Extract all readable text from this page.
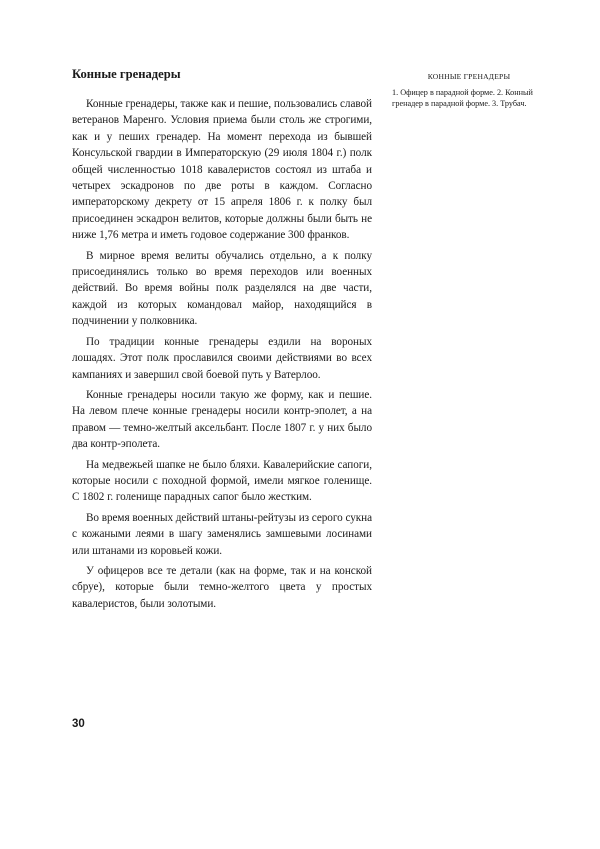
Конные гренадеры

Конные гренадеры, также как и пешие, пользовались славой ветеранов Маренго. Условия приема были столь же строгими, как и у пеших гренадер. На момент перехода из бывшей Консульской гвардии в Императорскую (29 июля 1804 г.) полк общей численностью 1018 кавалеристов состоял из штаба и четырех эскадронов по две роты в каждом. Согласно императорскому декрету от 15 апреля 1806 г. к полку был присоединен эскадрон велитов, которые должны были быть не ниже 1,76 метра и иметь годовое содержание 300 франков.

В мирное время велиты обучались отдельно, а к полку присоединялись только во время переходов или военных действий. Во время войны полк разделялся на две части, каждой из которых командовал майор, находящийся в подчинении у полковника.

По традиции конные гренадеры ездили на вороных лошадях. Этот полк прославился своими действиями во всех кампаниях и завершил свой боевой путь у Ватерлоо.

Конные гренадеры носили такую же форму, как и пешие. На левом плече конные гренадеры носили контр-эполет, а на правом — темно-желтый аксельбант. После 1807 г. у них было два контр-эполета.

На медвежьей шапке не было бляхи. Кавалерийские сапоги, которые носили с походной формой, имели мягкое голенище. С 1802 г. голенище парадных сапог было жестким.

Во время военных действий штаны-рейтузы из серого сукна с кожаными леями в шагу заменялись замшевыми лосинами или штанами из коровьей кожи.

У офицеров все те детали (как на форме, так и на конской сбруе), которые были темно-желтого цвета у простых кавалеристов, были золотыми.

КОННЫЕ ГРЕНАДЕРЫ

1. Офицер в парадной форме. 2. Конный гренадер в парадной форме. 3. Трубач.

30
